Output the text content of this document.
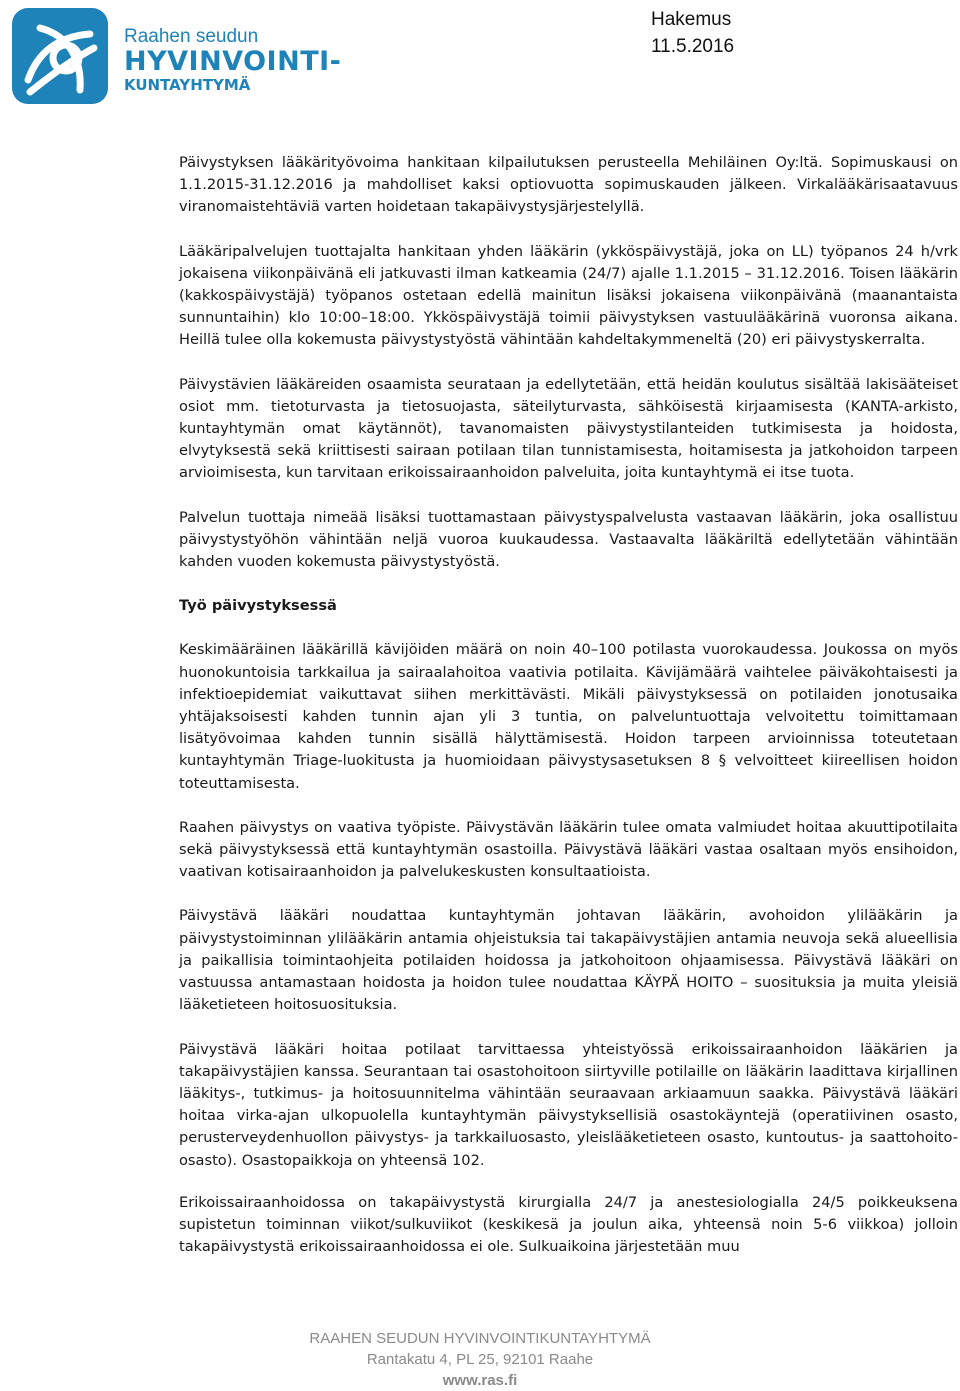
Raahen seudun
HYVINVOINTI-
KUNTAYHTYMÄ
Hakemus
11.5.2016

Päivystyksen lääkärityövoima hankitaan kilpailutuksen perusteella Mehiläinen Oy:ltä. Sopimuskausi on 1.1.2015-31.12.2016 ja mahdolliset kaksi optiovuotta sopimuskauden jälkeen. Virkalääkärisaatavuus viranomaistehtäviä varten hoidetaan takapäivystysjärjestelyllä.

Lääkäripalvelujen tuottajalta hankitaan yhden lääkärin (ykköspäivystäjä, joka on LL) työpanos 24 h/vrk jokaisena viikonpäivänä eli jatkuvasti ilman katkeamia (24/7) ajalle 1.1.2015 – 31.12.2016. Toisen lääkärin (kakkospäivystäjä) työpanos ostetaan edellä mainitun lisäksi jokaisena viikonpäivänä (maanantaista sunnuntaihin) klo 10:00–18:00. Ykköspäivystäjä toimii päivystyksen vastuulääkärinä vuoronsa aikana. Heillä tulee olla kokemusta päivystystyöstä vähintään kahdeltakymmeneltä (20) eri päivystyskerralta.

Päivystävien lääkäreiden osaamista seurataan ja edellytetään, että heidän koulutus sisältää lakisääteiset osiot mm. tietoturvasta ja tietosuojasta, säteilyturvasta, sähköisestä kirjaamisesta (KANTA-arkisto, kuntayhtymän omat käytännöt), tavanomaisten päivystystilanteiden tutkimisesta ja hoidosta, elvytyksestä sekä kriittisesti sairaan potilaan tilan tunnistamisesta, hoitamisesta ja jatkohoidon tarpeen arvioimisesta, kun tarvitaan erikoissairaanhoidon palveluita, joita kuntayhtymä ei itse tuota.

Palvelun tuottaja nimeää lisäksi tuottamastaan päivystyspalvelusta vastaavan lääkärin, joka osallistuu päivystystyöhön vähintään neljä vuoroa kuukaudessa. Vastaavalta lääkäriltä edellytetään vähintään kahden vuoden kokemusta päivystystyöstä.

Työ päivystyksessä

Keskimääräinen lääkärillä kävijöiden määrä on noin 40–100 potilasta vuorokaudessa. Joukossa on myös huonokuntoisia tarkkailua ja sairaalahoitoa vaativia potilaita. Kävijämäärä vaihtelee päiväkohtaisesti ja infektioepidemiat vaikuttavat siihen merkittävästi. Mikäli päivystyksessä on potilaiden jonotusaika yhtäjaksoisesti kahden tunnin ajan yli 3 tuntia, on palveluntuottaja velvoitettu toimittamaan lisätyövoimaa kahden tunnin sisällä hälyttämisestä. Hoidon tarpeen arvioinnissa toteutetaan kuntayhtymän Triage-luokitusta ja huomioidaan päivystysasetuksen 8 § velvoitteet kiireellisen hoidon toteuttamisesta.

Raahen päivystys on vaativa työpiste. Päivystävän lääkärin tulee omata valmiudet hoitaa akuuttipotilaita sekä päivystyksessä että kuntayhtymän osastoilla. Päivystävä lääkäri vastaa osaltaan myös ensihoidon, vaativan kotisairaanhoidon ja palvelukeskusten konsultaatioista.

Päivystävä lääkäri noudattaa kuntayhtymän johtavan lääkärin, avohoidon ylilääkärin ja päivystystoiminnan ylilääkärin antamia ohjeistuksia tai takapäivystäjien antamia neuvoja sekä alueellisia ja paikallisia toimintaohjeita potilaiden hoidossa ja jatkohoitoon ohjaamisessa. Päivystävä lääkäri on vastuussa antamastaan hoidosta ja hoidon tulee noudattaa KÄYPÄ HOITO – suosituksia ja muita yleisiä lääketieteen hoitosuosituksia.

Päivystävä lääkäri hoitaa potilaat tarvittaessa yhteistyössä erikoissairaanhoidon lääkärien ja takapäivystäjien kanssa. Seurantaan tai osastohoitoon siirtyville potilaille on lääkärin laadittava kirjallinen lääkitys-, tutkimus- ja hoitosuunnitelma vähintään seuraavaan arkiaamuun saakka. Päivystävä lääkäri hoitaa virka-ajan ulkopuolella kuntayhtymän päivystyksellisiä osastokäyntejä (operatiivinen osasto, perusterveydenhuollon päivystys- ja tarkkailuosasto, yleislääketieteen osasto, kuntoutus- ja saattohoito-osasto). Osastopaikkoja on yhteensä 102.

Erikoissairaanhoidossa on takapäivystystä kirurgialla 24/7 ja anestesiologialla 24/5 poikkeuksena supistetun toiminnan viikot/sulkuviikot (keskikesä ja joulun aika, yhteensä noin 5-6 viikkoa) jolloin takapäivystystä erikoissairaanhoidossa ei ole. Sulkuaikoina järjestetään muu

RAAHEN SEUDUN HYVINVOINTIKUNTAYHTYMÄ
Rantakatu 4, PL 25, 92101 Raahe
www.ras.fi
